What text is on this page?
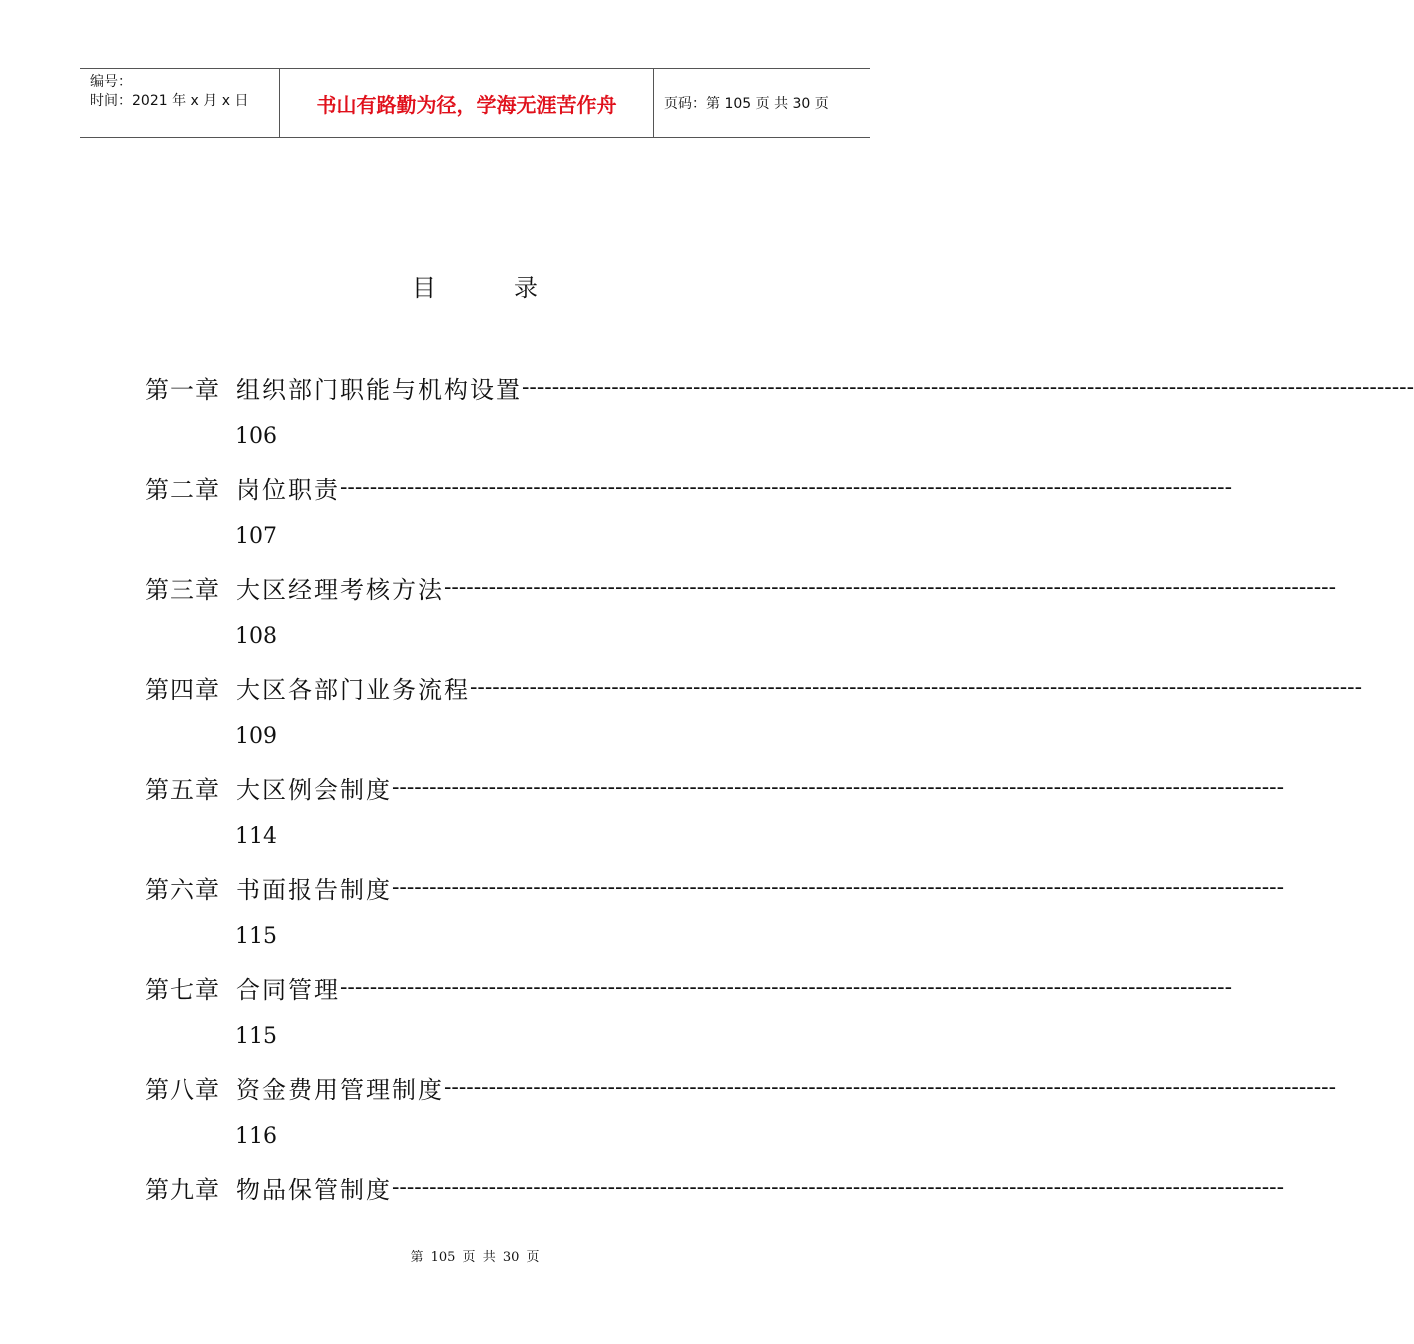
编号：
时间：2021 年 x 月 x 日	书山有路勤为径，学海无涯苦作舟	页码：第 105 页 共 30 页
目录
第一章 组织部门职能与机构设置 ------------------------------------------------------------------------------------------------------------------------
106
第二章 岗位职责 ------------------------------------------------------------------------------------------------------------------------
107
第三章 大区经理考核方法 ------------------------------------------------------------------------------------------------------------------------
108
第四章 大区各部门业务流程 ------------------------------------------------------------------------------------------------------------------------
109
第五章 大区例会制度 ------------------------------------------------------------------------------------------------------------------------
114
第六章 书面报告制度 ------------------------------------------------------------------------------------------------------------------------
115
第七章 合同管理 ------------------------------------------------------------------------------------------------------------------------
115
第八章 资金费用管理制度 ------------------------------------------------------------------------------------------------------------------------
116
第九章 物品保管制度 ------------------------------------------------------------------------------------------------------------------------
第 105 页 共 30 页
